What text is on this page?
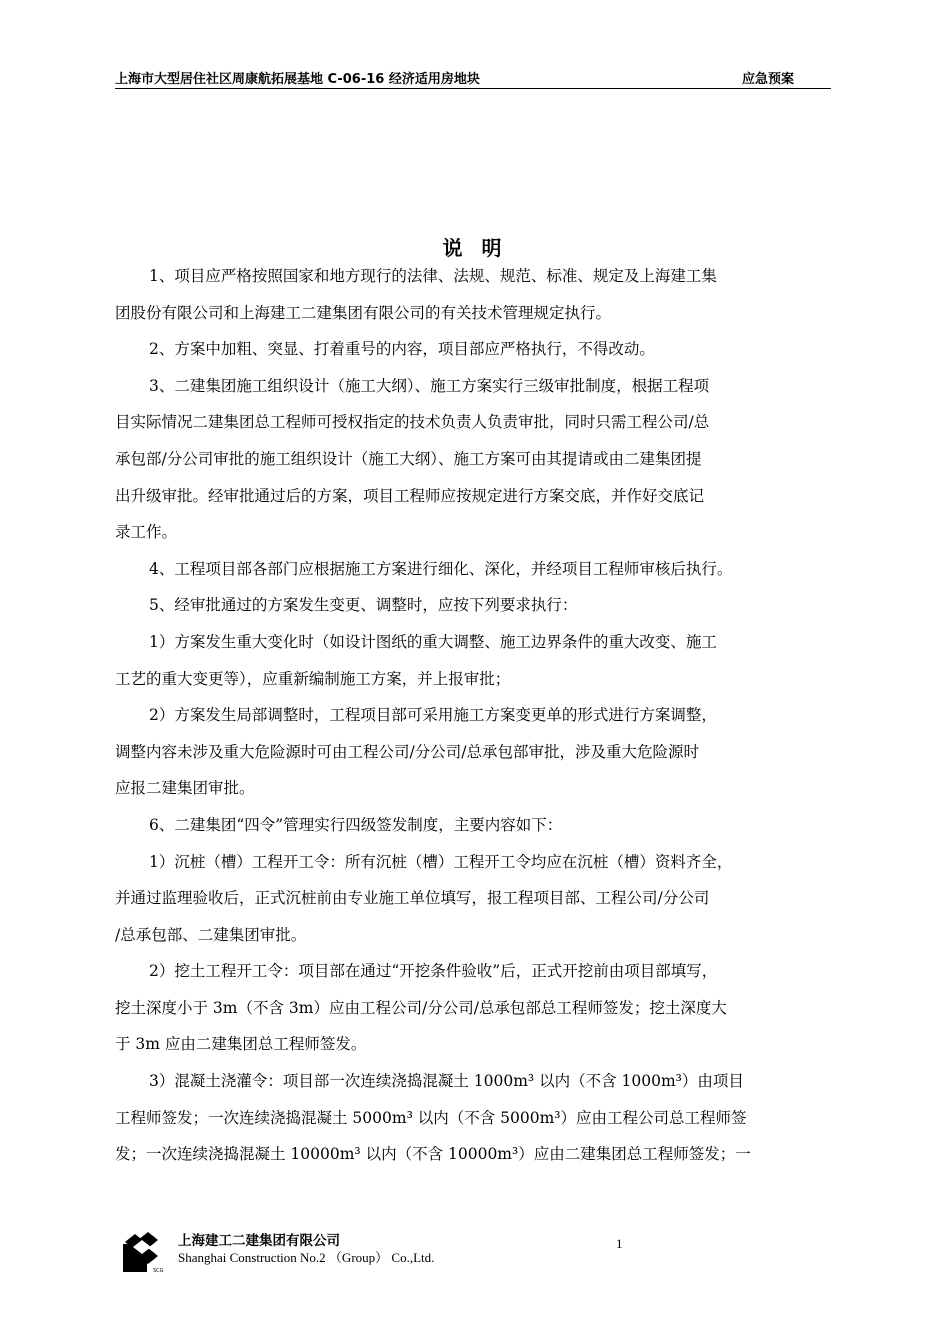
上海市大型居住社区周康航拓展基地 C-06-16 经济适用房地块	应急预案
说 明
1、项目应严格按照国家和地方现行的法律、法规、规范、标准、规定及上海建工集
团股份有限公司和上海建工二建集团有限公司的有关技术管理规定执行。
2、方案中加粗、突显、打着重号的内容，项目部应严格执行，不得改动。
3、二建集团施工组织设计（施工大纲）、施工方案实行三级审批制度，根据工程项
目实际情况二建集团总工程师可授权指定的技术负责人负责审批，同时只需工程公司/总
承包部/分公司审批的施工组织设计（施工大纲）、施工方案可由其提请或由二建集团提
出升级审批。经审批通过后的方案，项目工程师应按规定进行方案交底，并作好交底记
录工作。
4、工程项目部各部门应根据施工方案进行细化、深化，并经项目工程师审核后执行。
5、经审批通过的方案发生变更、调整时，应按下列要求执行：
1）方案发生重大变化时（如设计图纸的重大调整、施工边界条件的重大改变、施工
工艺的重大变更等），应重新编制施工方案，并上报审批；
2）方案发生局部调整时，工程项目部可采用施工方案变更单的形式进行方案调整，
调整内容未涉及重大危险源时可由工程公司/分公司/总承包部审批，涉及重大危险源时
应报二建集团审批。
6、二建集团“四令”管理实行四级签发制度，主要内容如下：
1）沉桩（槽）工程开工令：所有沉桩（槽）工程开工令均应在沉桩（槽）资料齐全，
并通过监理验收后，正式沉桩前由专业施工单位填写，报工程项目部、工程公司/分公司
/总承包部、二建集团审批。
2）挖土工程开工令：项目部在通过“开挖条件验收”后，正式开挖前由项目部填写，
挖土深度小于 3m（不含 3m）应由工程公司/分公司/总承包部总工程师签发；挖土深度大
于 3m 应由二建集团总工程师签发。
3）混凝土浇灌令：项目部一次连续浇捣混凝土 1000m³ 以内（不含 1000m³）由项目
工程师签发；一次连续浇捣混凝土 5000m³ 以内（不含 5000m³）应由工程公司总工程师签
发；一次连续浇捣混凝土 10000m³ 以内（不含 10000m³）应由二建集团总工程师签发；一
SCG
上海建工二建集团有限公司
Shanghai Construction No.2 （Group） Co.,Ltd.
1
